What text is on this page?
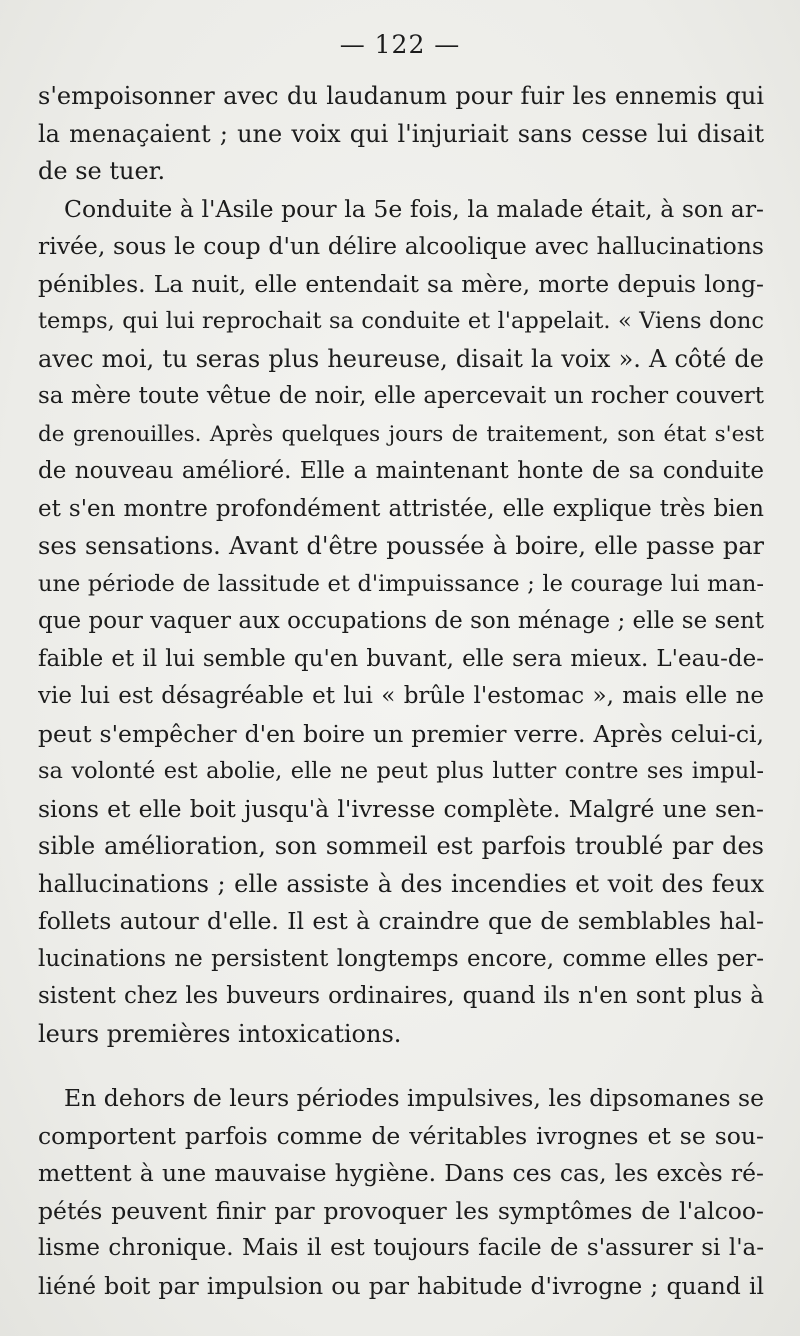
— 122 —
s'empoisonner avec du laudanum pour fuir les ennemis qui
la menaçaient ; une voix qui l'injuriait sans cesse lui disait
de se tuer.
Conduite à l'Asile pour la 5e fois, la malade était, à son ar-
rivée, sous le coup d'un délire alcoolique avec hallucinations
pénibles. La nuit, elle entendait sa mère, morte depuis long-
temps, qui lui reprochait sa conduite et l'appelait. « Viens donc
avec moi, tu seras plus heureuse, disait la voix ». A côté de
sa mère toute vêtue de noir, elle apercevait un rocher couvert
de grenouilles. Après quelques jours de traitement, son état s'est
de nouveau amélioré. Elle a maintenant honte de sa conduite
et s'en montre profondément attristée, elle explique très bien
ses sensations. Avant d'être poussée à boire, elle passe par
une période de lassitude et d'impuissance ; le courage lui man-
que pour vaquer aux occupations de son ménage ; elle se sent
faible et il lui semble qu'en buvant, elle sera mieux. L'eau-de-
vie lui est désagréable et lui « brûle l'estomac », mais elle ne
peut s'empêcher d'en boire un premier verre. Après celui-ci,
sa volonté est abolie, elle ne peut plus lutter contre ses impul-
sions et elle boit jusqu'à l'ivresse complète. Malgré une sen-
sible amélioration, son sommeil est parfois troublé par des
hallucinations ; elle assiste à des incendies et voit des feux
follets autour d'elle. Il est à craindre que de semblables hal-
lucinations ne persistent longtemps encore, comme elles per-
sistent chez les buveurs ordinaires, quand ils n'en sont plus à
leurs premières intoxications.
En dehors de leurs périodes impulsives, les dipsomanes se
comportent parfois comme de véritables ivrognes et se sou-
mettent à une mauvaise hygiène. Dans ces cas, les excès ré-
pétés peuvent finir par provoquer les symptômes de l'alcoo-
lisme chronique. Mais il est toujours facile de s'assurer si l'a-
liéné boit par impulsion ou par habitude d'ivrogne ; quand il
